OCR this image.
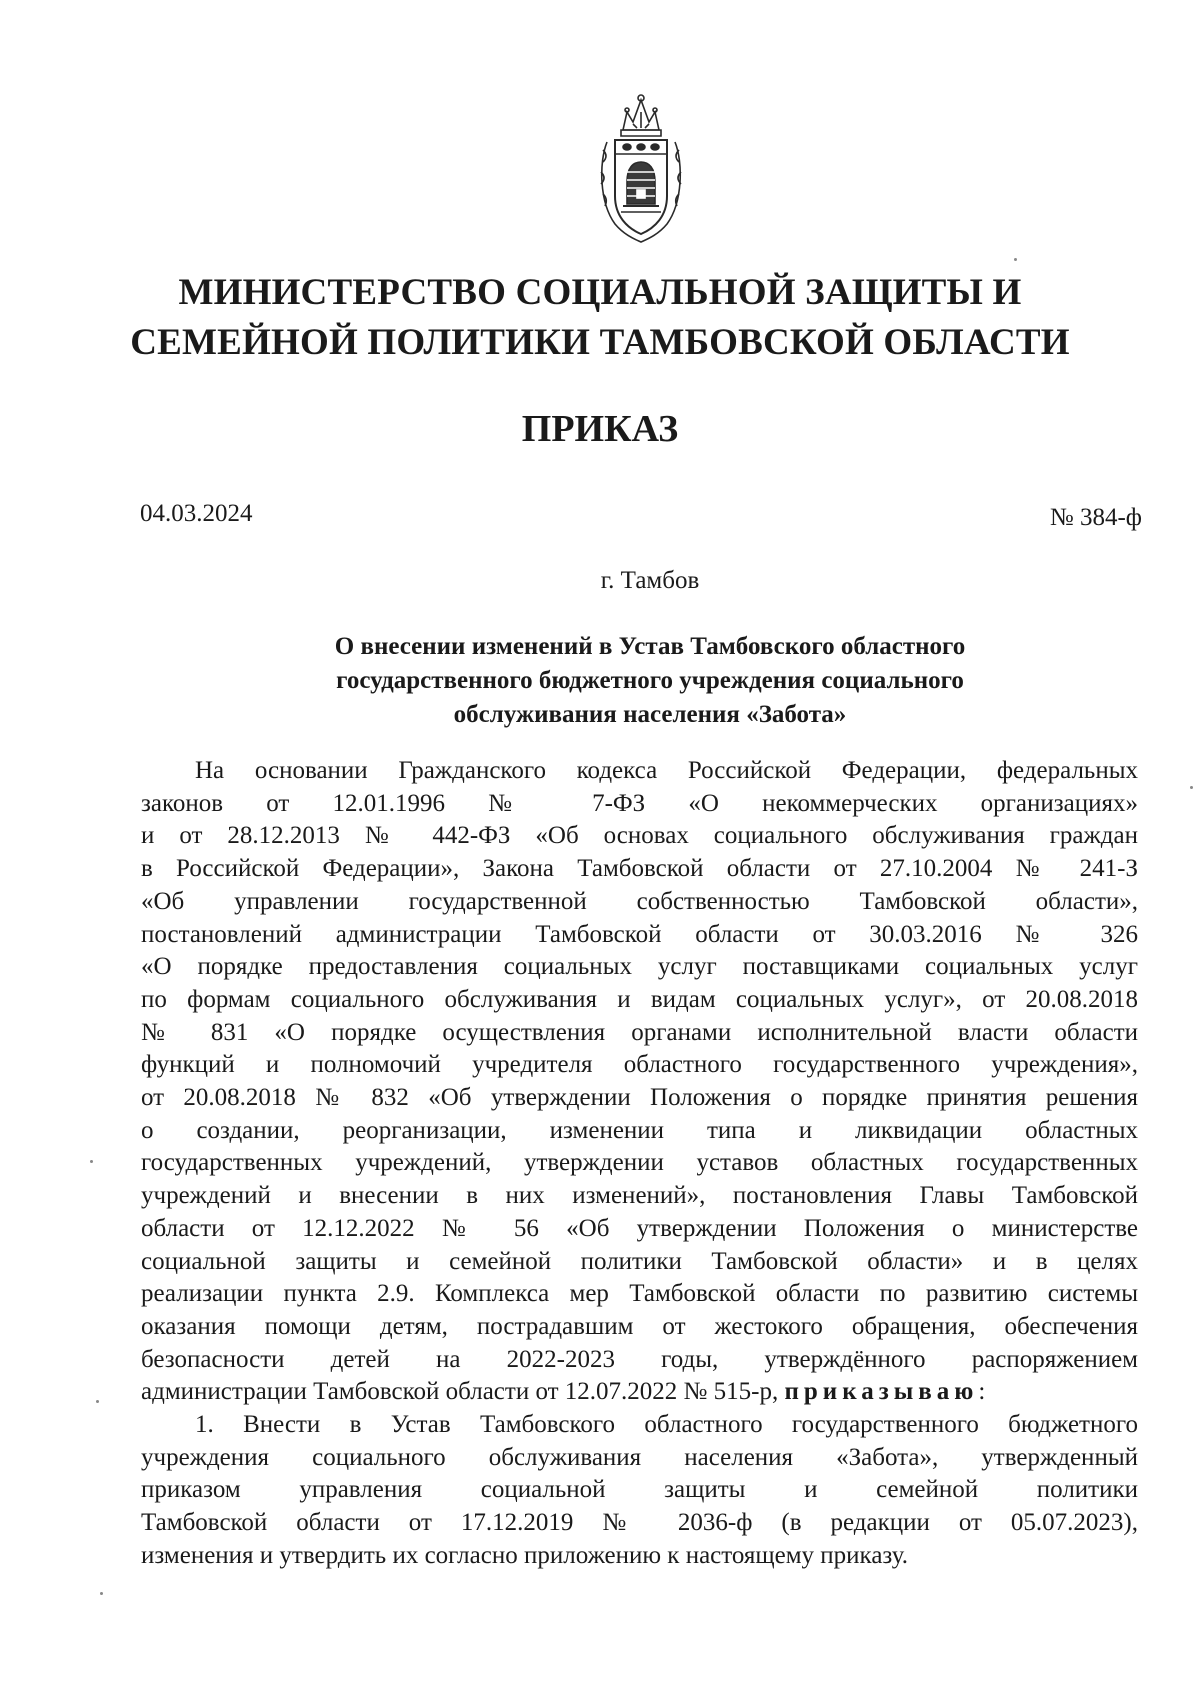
МИНИСТЕРСТВО СОЦИАЛЬНОЙ ЗАЩИТЫ И
СЕМЕЙНОЙ ПОЛИТИКИ ТАМБОВСКОЙ ОБЛАСТИ
ПРИКАЗ
04.03.2024	№ 384-ф
г. Тамбов
О внесении изменений в Устав Тамбовского областного
государственного бюджетного учреждения социального
обслуживания населения «Забота»
На основании Гражданского кодекса Российской Федерации, федеральных
законов от 12.01.1996 № 7-ФЗ «О некоммерческих организациях»
и от 28.12.2013 № 442-ФЗ «Об основах социального обслуживания граждан
в Российской Федерации», Закона Тамбовской области от 27.10.2004 № 241-З
«Об управлении государственной собственностью Тамбовской области»,
постановлений администрации Тамбовской области от 30.03.2016 № 326
«О порядке предоставления социальных услуг поставщиками социальных услуг
по формам социального обслуживания и видам социальных услуг», от 20.08.2018
№ 831 «О порядке осуществления органами исполнительной власти области
функций и полномочий учредителя областного государственного учреждения»,
от 20.08.2018 № 832 «Об утверждении Положения о порядке принятия решения
о создании, реорганизации, изменении типа и ликвидации областных
государственных учреждений, утверждении уставов областных государственных
учреждений и внесении в них изменений», постановления Главы Тамбовской
области от 12.12.2022 № 56 «Об утверждении Положения о министерстве
социальной защиты и семейной политики Тамбовской области» и в целях
реализации пункта 2.9. Комплекса мер Тамбовской области по развитию системы
оказания помощи детям, пострадавшим от жестокого обращения, обеспечения
безопасности детей на 2022-2023 годы, утверждённого распоряжением
администрации Тамбовской области от 12.07.2022 № 515-р, приказываю:
1. Внести в Устав Тамбовского областного государственного бюджетного
учреждения социального обслуживания населения «Забота», утвержденный
приказом управления социальной защиты и семейной политики
Тамбовской области от 17.12.2019 № 2036-ф (в редакции от 05.07.2023),
изменения и утвердить их согласно приложению к настоящему приказу.
